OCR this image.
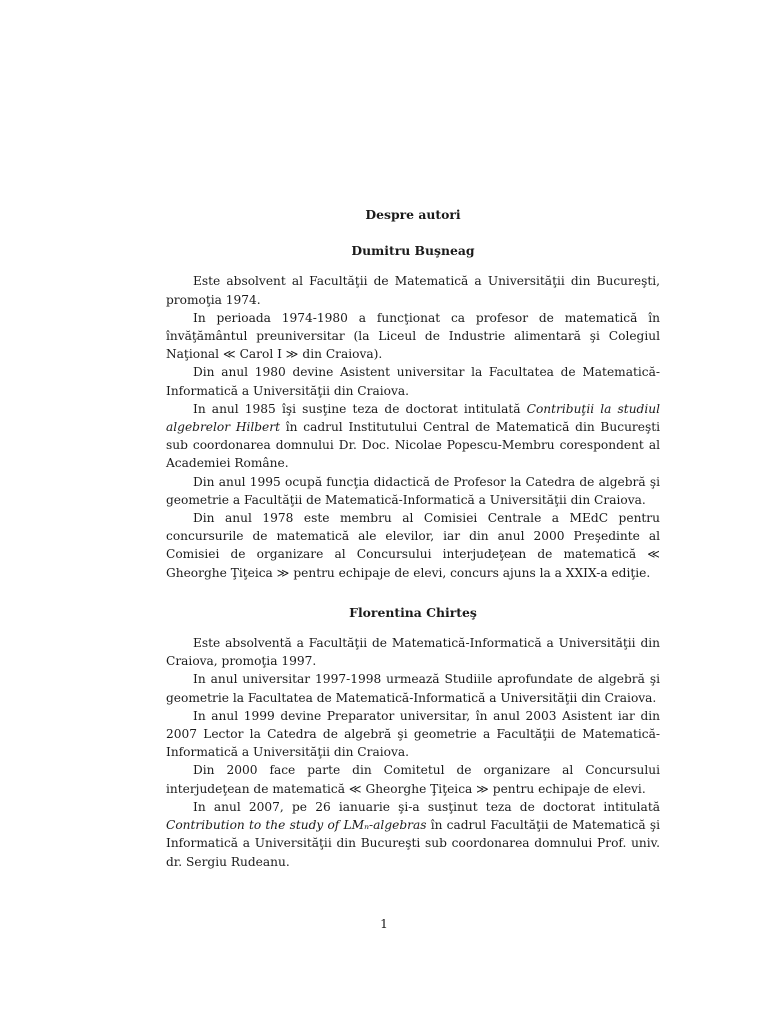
Despre autori
Dumitru Buşneag

Este absolvent al Facultăţii de Matematică a Universităţii din Bucureşti, promoţia 1974.

In perioada 1974-1980 a funcţionat ca profesor de matematică în învăţământul preuniversitar (la Liceul de Industrie alimentară şi Colegiul Naţional ≪ Carol I ≫ din Craiova).

Din anul 1980 devine Asistent universitar la Facultatea de Matematică-Informatică a Universităţii din Craiova.

In anul 1985 îşi susţine teza de doctorat intitulată Contribuţii la studiul algebrelor Hilbert în cadrul Institutului Central de Matematică din Bucureşti sub coordonarea domnului Dr. Doc. Nicolae Popescu-Membru corespondent al Academiei Române.

Din anul 1995 ocupă funcţia didactică de Profesor la Catedra de algebră şi geometrie a Facultăţii de Matematică-Informatică a Universităţii din Craiova.

Din anul 1978 este membru al Comisiei Centrale a MEdC pentru concursurile de matematică ale elevilor, iar din anul 2000 Preşedinte al Comisiei de organizare al Concursului interjudeţean de matematică ≪ Gheorghe Ţiţeica ≫ pentru echipaje de elevi, concurs ajuns la a XXIX-a ediţie.

Florentina Chirteş

Este absolventă a Facultăţii de Matematică-Informatică a Universităţii din Craiova, promoţia 1997.

In anul universitar 1997-1998 urmează Studiile aprofundate de algebră şi geometrie la Facultatea de Matematică-Informatică a Universităţii din Craiova.

In anul 1999 devine Preparator universitar, în anul 2003 Asistent iar din 2007 Lector la Catedra de algebră şi geometrie a Facultăţii de Matematică-Informatică a Universităţii din Craiova.

Din 2000 face parte din Comitetul de organizare al Concursului interjudeţean de matematică ≪ Gheorghe Ţiţeica ≫ pentru echipaje de elevi.

In anul 2007, pe 26 ianuarie şi-a susţinut teza de doctorat intitulată Contribution to the study of LMₙ-algebras în cadrul Facultăţii de Matematică şi Informatică a Universităţii din Bucureşti sub coordonarea domnului Prof. univ. dr. Sergiu Rudeanu.

1
